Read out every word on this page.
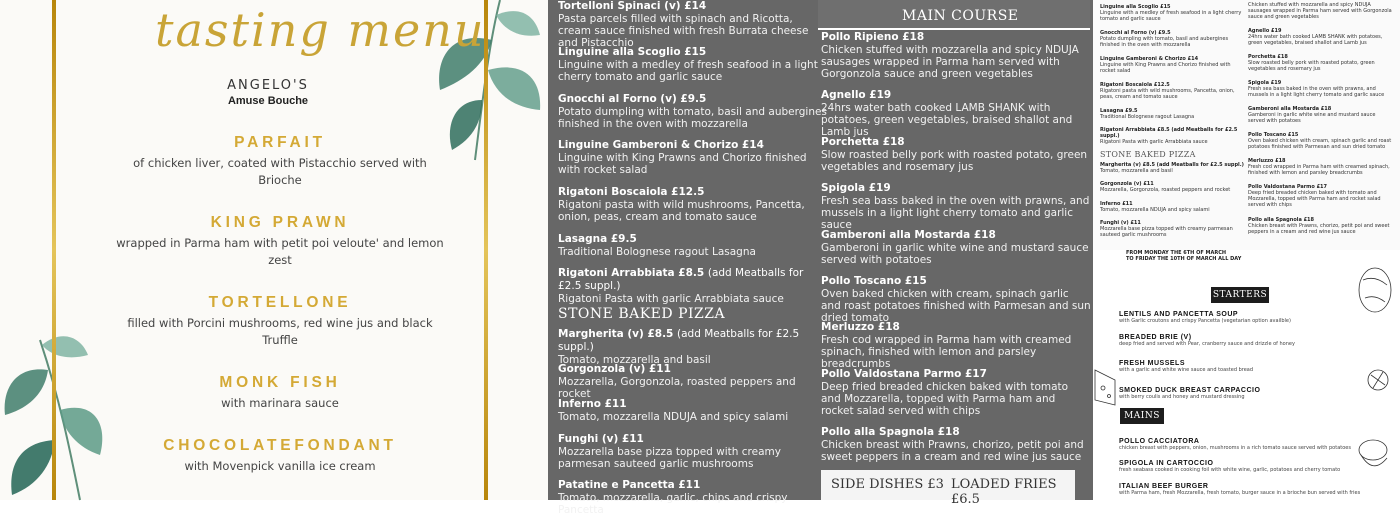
tasting menu
ANGELO'S
Amuse Bouche
PARFAIT
of chicken liver, coated with Pistacchio served with Brioche
KING PRAWN
wrapped in Parma ham with petit poi veloute' and lemon zest
TORTELLONE
filled with Porcini mushrooms, red wine jus and black Truffle
MONK FISH
with marinara sauce
CHOCOLATEFONDANT
with Movenpick vanilla ice cream
Tortelloni Spinaci (v) £14
Pasta parcels filled with spinach and Ricotta, cream sauce finished with fresh Burrata cheese and Pistacchio
Linguine alla Scoglio £15
Linguine with a medley of fresh seafood in a light cherry tomato and garlic sauce
Gnocchi al Forno (v) £9.5
Potato dumpling with tomato, basil and aubergines finished in the oven with mozzarella
Linguine Gamberoni & Chorizo £14
Linguine with King Prawns and Chorizo finished with rocket salad
Rigatoni Boscaiola £12.5
Rigatoni pasta with wild mushrooms, Pancetta, onion, peas, cream and tomato sauce
Lasagna £9.5
Traditional Bolognese ragout Lasagna
Rigatoni Arrabbiata £8.5 (add Meatballs for £2.5 suppl.)
Rigatoni Pasta with garlic Arrabbiata sauce
STONE BAKED PIZZA
Margherita (v) £8.5 (add Meatballs for £2.5 suppl.)
Tomato, mozzarella and basil
Gorgonzola (v) £11
Mozzarella, Gorgonzola, roasted peppers and rocket
Inferno £11
Tomato, mozzarella NDUJA and spicy salami
Funghi (v) £11
Mozzarella base pizza topped with creamy parmesan sauteed garlic mushrooms
Patatine e Pancetta £11
Tomato, mozzarella, garlic, chips and crispy Pancetta
MAIN COURSE
Pollo Ripieno £18
Chicken stuffed with mozzarella and spicy NDUJA sausages wrapped in Parma ham served with Gorgonzola sauce and green vegetables
Agnello £19
24hrs water bath cooked LAMB SHANK with potatoes, green vegetables, braised shallot and Lamb jus
Porchetta £18
Slow roasted belly pork with roasted potato, green vegetables and rosemary jus
Spigola £19
Fresh sea bass baked in the oven with prawns, and mussels in a light light cherry tomato and garlic sauce
Gamberoni alla Mostarda £18
Gamberoni in garlic white wine and mustard sauce served with potatoes
Pollo Toscano £15
Oven baked chicken with cream, spinach garlic and roast potatoes finished with Parmesan and sun dried tomato
Merluzzo £18
Fresh cod wrapped in Parma ham with creamed spinach, finished with lemon and parsley breadcrumbs
Pollo Valdostana Parmo £17
Deep fried breaded chicken baked with tomato and Mozzarella, topped with Parma ham and rocket salad served with chips
Pollo alla Spagnola £18
Chicken breast with Prawns, chorizo, petit poi and sweet peppers in a cream and red wine jus sauce
SIDE DISHES £3 LOADED FRIES £6.5
Linguine alla Scoglio £15
Linguine with a medley of fresh seafood in a light cherry tomato and garlic sauce
Gnocchi al Forno (v) £9.5
Potato dumpling with tomato, basil and aubergines finished in the oven with mozzarella
Linguine Gamberoni & Chorizo £14
Linguine with King Prawns and Chorizo finished with rocket salad
Rigatoni Boscaiola £12.5
Rigatoni pasta with wild mushrooms, Pancetta, onion, peas, cream and tomato sauce
Lasagna £9.5
Traditional Bolognese ragout Lasagna
Rigatoni Arrabbiata £8.5 (add Meatballs for £2.5 suppl.)
Rigatoni Pasta with garlic Arrabbiata sauce
STONE BAKED PIZZA
Margherita (v) £8.5 (add Meatballs for £2.5 suppl.)
Tomato, mozzarella and basil
Gorgonzola (v) £11
Mozzarella, Gorgonzola, roasted peppers and rocket
Inferno £11
Tomato, mozzarella NDUJA and spicy salami
Funghi (v) £11
Mozzarella base pizza topped with creamy parmesan sauteed garlic mushrooms
Chicken stuffed with mozzarella and spicy NDUJA sausages wrapped in Parma ham served with Gorgonzola sauce and green vegetables
Agnello £19
24hrs water bath cooked LAMB SHANK with potatoes, green vegetables, braised shallot and Lamb jus
Porchetta £18
Slow roasted belly pork with roasted potato, green vegetables and rosemary jus
Spigola £19
Fresh sea bass baked in the oven with prawns, and mussels in a light light cherry tomato and garlic sauce
Gamberoni alla Mostarda £18
Gamberoni in garlic white wine and mustard sauce served with potatoes
Pollo Toscano £15
Oven baked chicken with cream, spinach garlic and roast potatoes finished with Parmesan and sun dried tomato
Merluzzo £18
Fresh cod wrapped in Parma ham with creamed spinach, finished with lemon and parsley breadcrumbs
Pollo Valdostana Parmo £17
Deep fried breaded chicken baked with tomato and Mozzarella, topped with Parma ham and rocket salad served with chips
Pollo alla Spagnola £18
Chicken breast with Prawns, chorizo, petit poi and sweet peppers in a cream and red wine jus sauce
FROM MONDAY THE 6TH OF MARCH
TO FRIDAY THE 10TH OF MARCH ALL DAY
STARTERS
LENTILS AND PANCETTA SOUP
with Garlic croutons and crispy Pancetta (vegetarian option availble)
BREADED BRIE (V)
deep fried and served with Pear, cranberry sauce and drizzle of honey
FRESH MUSSELS
with a garlic and white wine sauce and toasted bread
SMOKED DUCK BREAST CARPACCIO
with berry coulis and honey and mustard dressing
MAINS
POLLO CACCIATORA
chicken breast with peppers, onion, mushrooms in a rich tomato sauce served with potatoes
SPIGOLA IN CARTOCCIO
fresh seabass cooked in cooking foil with white wine, garlic, potatoes and cherry tomato
ITALIAN BEEF BURGER
with Parma ham, fresh Mozzarella, fresh tomato, burger sauce in a brioche bun served with fries
